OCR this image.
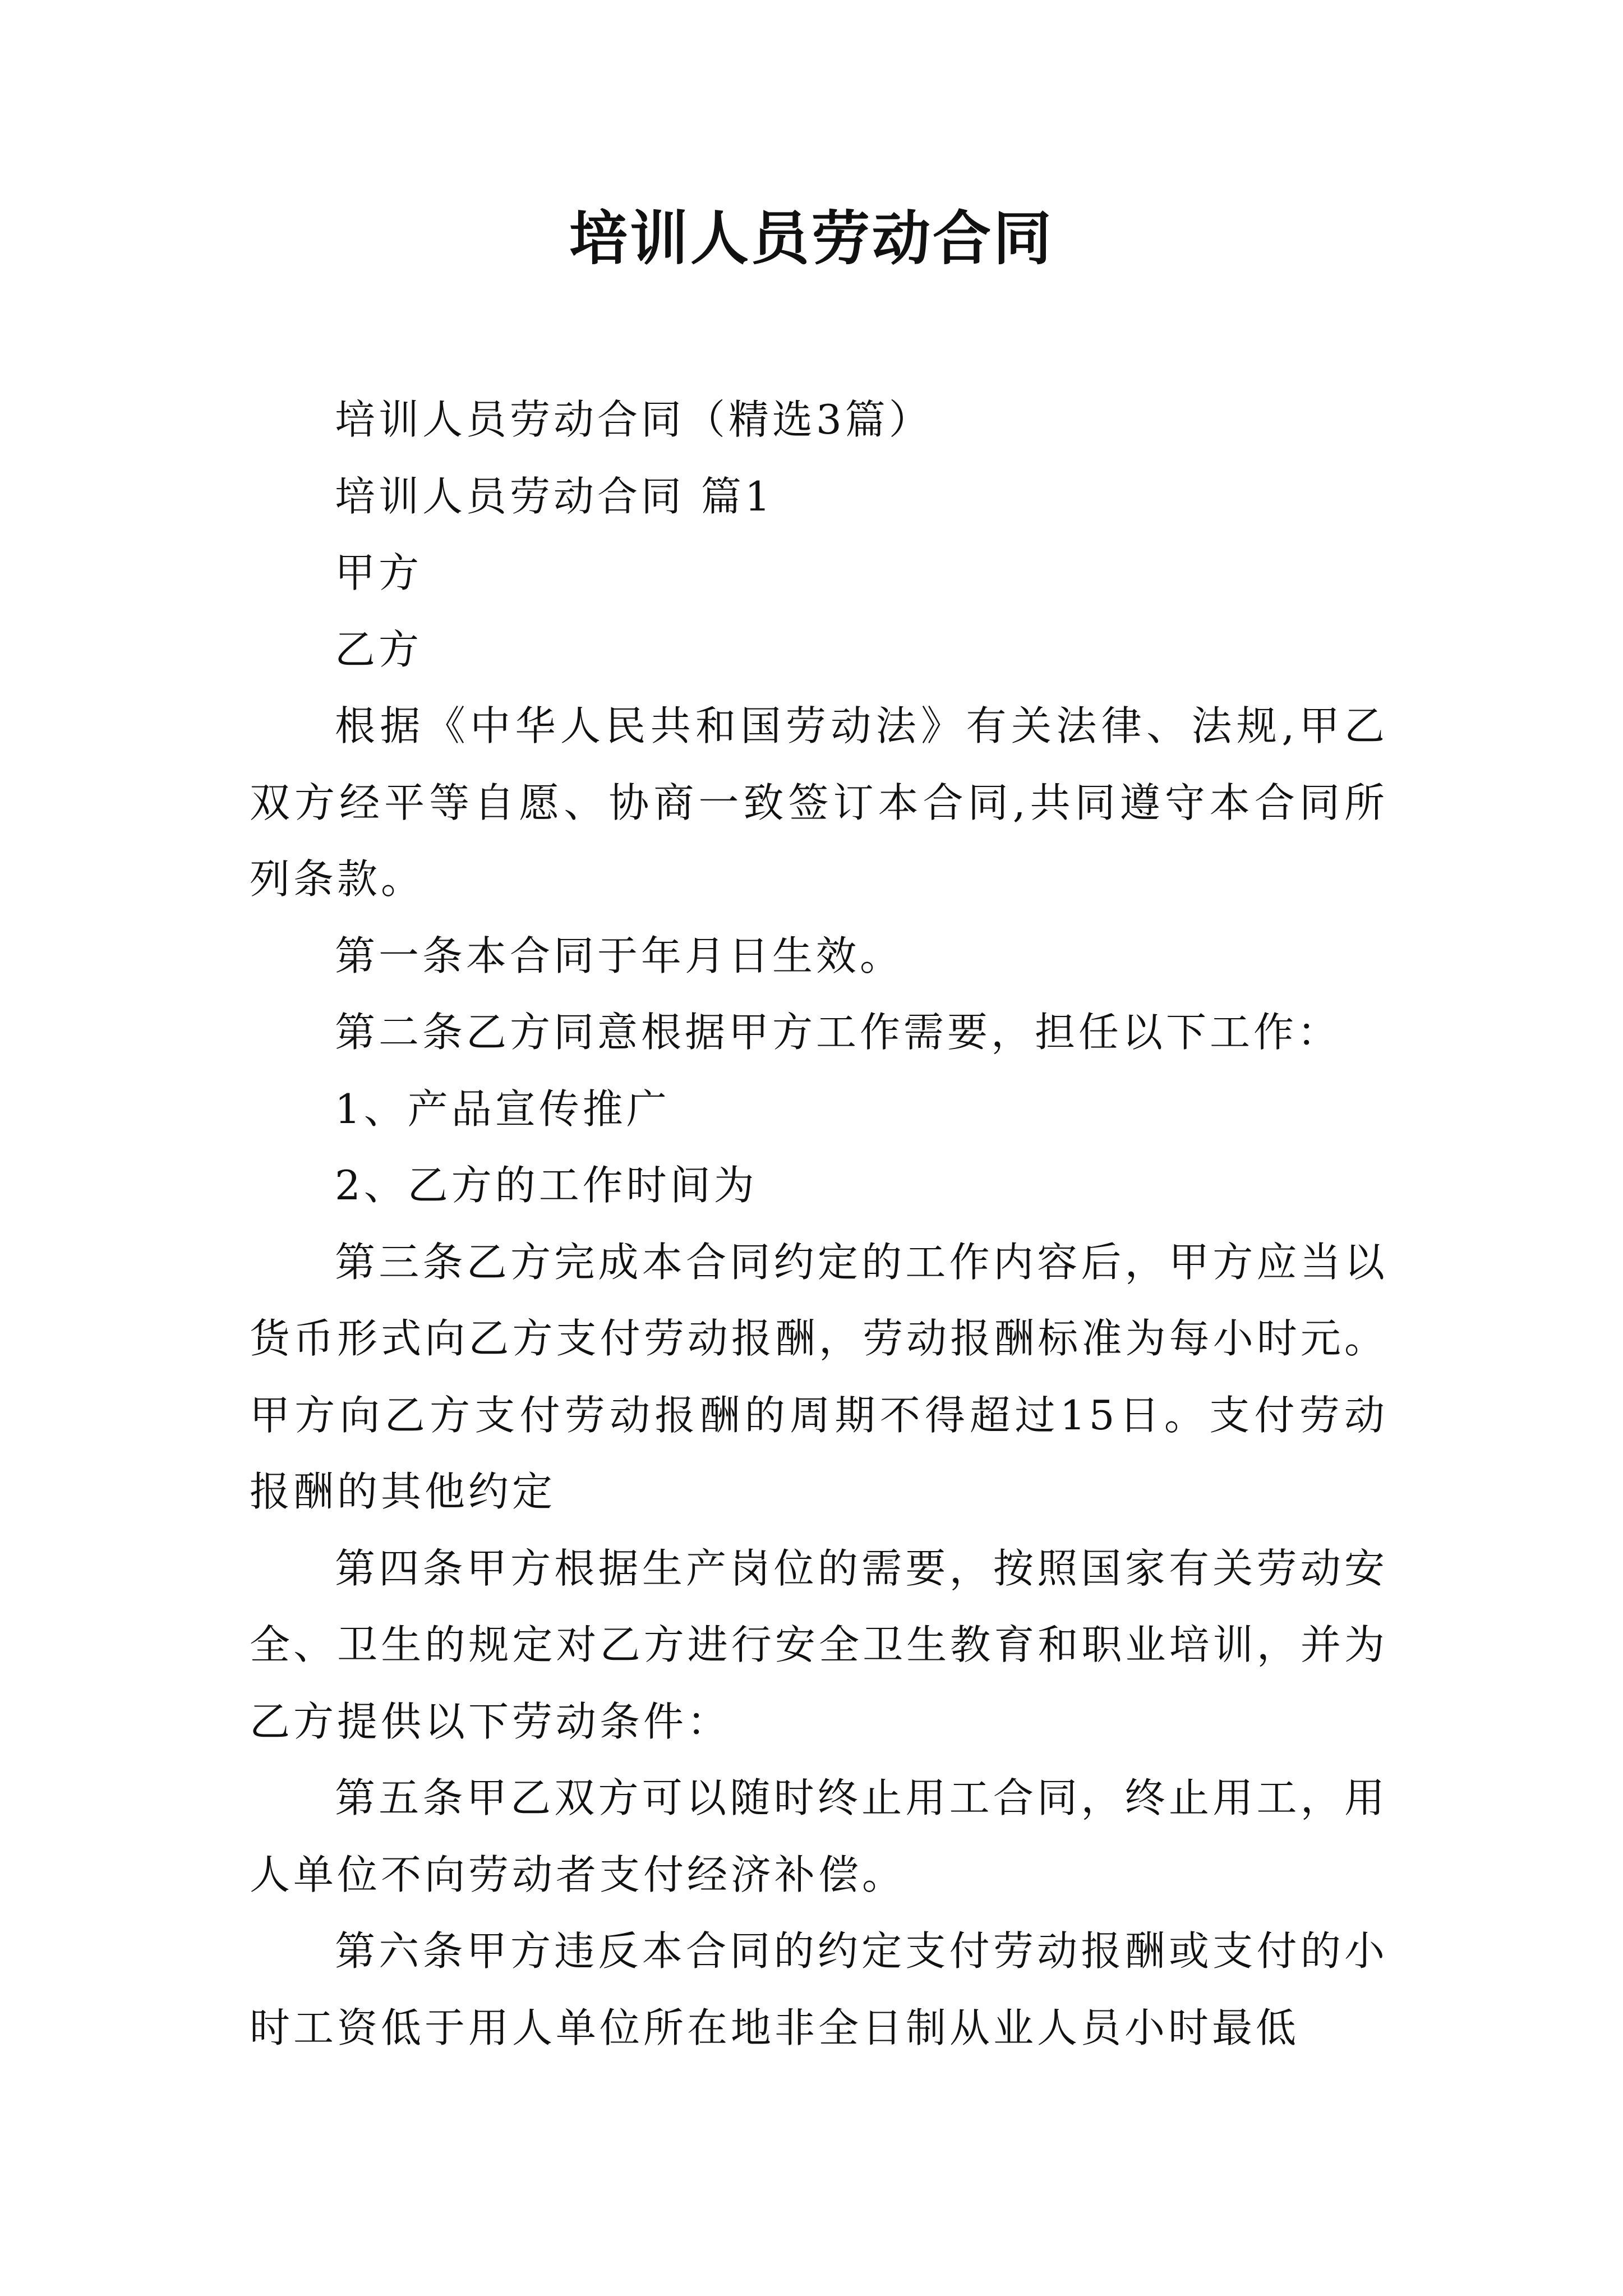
培训人员劳动合同

培训人员劳动合同（精选3篇）

培训人员劳动合同 篇1

甲方

乙方

根据《中华人民共和国劳动法》有关法律、法规,甲乙双方经平等自愿、协商一致签订本合同,共同遵守本合同所列条款。

第一条本合同于年月日生效。

第二条乙方同意根据甲方工作需要，担任以下工作：

1、产品宣传推广

2、乙方的工作时间为

第三条乙方完成本合同约定的工作内容后，甲方应当以货币形式向乙方支付劳动报酬，劳动报酬标准为每小时元。甲方向乙方支付劳动报酬的周期不得超过15日。支付劳动报酬的其他约定

第四条甲方根据生产岗位的需要，按照国家有关劳动安全、卫生的规定对乙方进行安全卫生教育和职业培训，并为乙方提供以下劳动条件：

第五条甲乙双方可以随时终止用工合同，终止用工，用人单位不向劳动者支付经济补偿。

第六条甲方违反本合同的约定支付劳动报酬或支付的小时工资低于用人单位所在地非全日制从业人员小时最低
